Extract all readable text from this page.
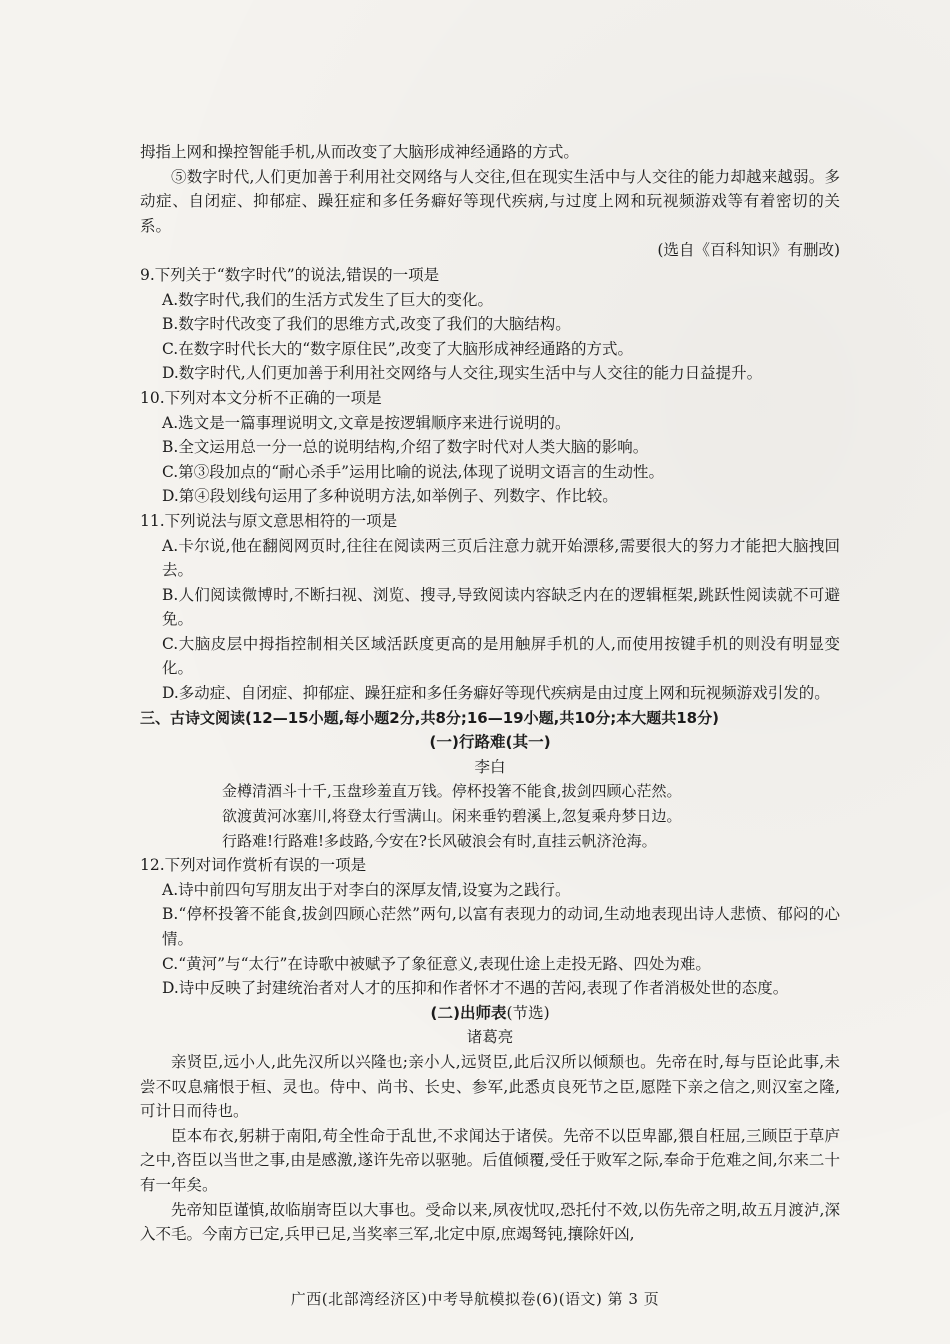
拇指上网和操控智能手机,从而改变了大脑形成神经通路的方式。

⑤数字时代,人们更加善于利用社交网络与人交往,但在现实生活中与人交往的能力却越来越弱。多动症、自闭症、抑郁症、躁狂症和多任务癖好等现代疾病,与过度上网和玩视频游戏等有着密切的关系。

(选自《百科知识》有删改)

9.下列关于“数字时代”的说法,错误的一项是

A.数字时代,我们的生活方式发生了巨大的变化。

B.数字时代改变了我们的思维方式,改变了我们的大脑结构。

C.在数字时代长大的“数字原住民”,改变了大脑形成神经通路的方式。

D.数字时代,人们更加善于利用社交网络与人交往,现实生活中与人交往的能力日益提升。

10.下列对本文分析不正确的一项是

A.选文是一篇事理说明文,文章是按逻辑顺序来进行说明的。

B.全文运用总一分一总的说明结构,介绍了数字时代对人类大脑的影响。

C.第③段加点的“耐心杀手”运用比喻的说法,体现了说明文语言的生动性。

D.第④段划线句运用了多种说明方法,如举例子、列数字、作比较。

11.下列说法与原文意思相符的一项是

A.卡尔说,他在翻阅网页时,往往在阅读两三页后注意力就开始漂移,需要很大的努力才能把大脑拽回去。

B.人们阅读微博时,不断扫视、浏览、搜寻,导致阅读内容缺乏内在的逻辑框架,跳跃性阅读就不可避免。

C.大脑皮层中拇指控制相关区域活跃度更高的是用触屏手机的人,而使用按键手机的则没有明显变化。

D.多动症、自闭症、抑郁症、躁狂症和多任务癖好等现代疾病是由过度上网和玩视频游戏引发的。

三、古诗文阅读(12—15小题,每小题2分,共8分;16—19小题,共10分;本大题共18分)

(一)行路难(其一)

李白

金樽清酒斗十千,玉盘珍羞直万钱。停杯投箸不能食,拔剑四顾心茫然。

欲渡黄河冰塞川,将登太行雪满山。闲来垂钓碧溪上,忽复乘舟梦日边。

行路难!行路难!多歧路,今安在?长风破浪会有时,直挂云帆济沧海。

12.下列对词作赏析有误的一项是

A.诗中前四句写朋友出于对李白的深厚友情,设宴为之践行。

B.“停杯投箸不能食,拔剑四顾心茫然”两句,以富有表现力的动词,生动地表现出诗人悲愤、郁闷的心情。

C.“黄河”与“太行”在诗歌中被赋予了象征意义,表现仕途上走投无路、四处为难。

D.诗中反映了封建统治者对人才的压抑和作者怀才不遇的苦闷,表现了作者消极处世的态度。

(二)出师表(节选)

诸葛亮

亲贤臣,远小人,此先汉所以兴隆也;亲小人,远贤臣,此后汉所以倾颓也。先帝在时,每与臣论此事,未尝不叹息痛恨于桓、灵也。侍中、尚书、长史、参军,此悉贞良死节之臣,愿陛下亲之信之,则汉室之隆,可计日而待也。

臣本布衣,躬耕于南阳,苟全性命于乱世,不求闻达于诸侯。先帝不以臣卑鄙,猥自枉屈,三顾臣于草庐之中,咨臣以当世之事,由是感激,遂许先帝以驱驰。后值倾覆,受任于败军之际,奉命于危难之间,尔来二十有一年矣。

先帝知臣谨慎,故临崩寄臣以大事也。受命以来,夙夜忧叹,恐托付不效,以伤先帝之明,故五月渡泸,深入不毛。今南方已定,兵甲已足,当奖率三军,北定中原,庶竭驽钝,攘除奸凶,

广西(北部湾经济区)中考导航模拟卷(6)(语文) 第 3 页
